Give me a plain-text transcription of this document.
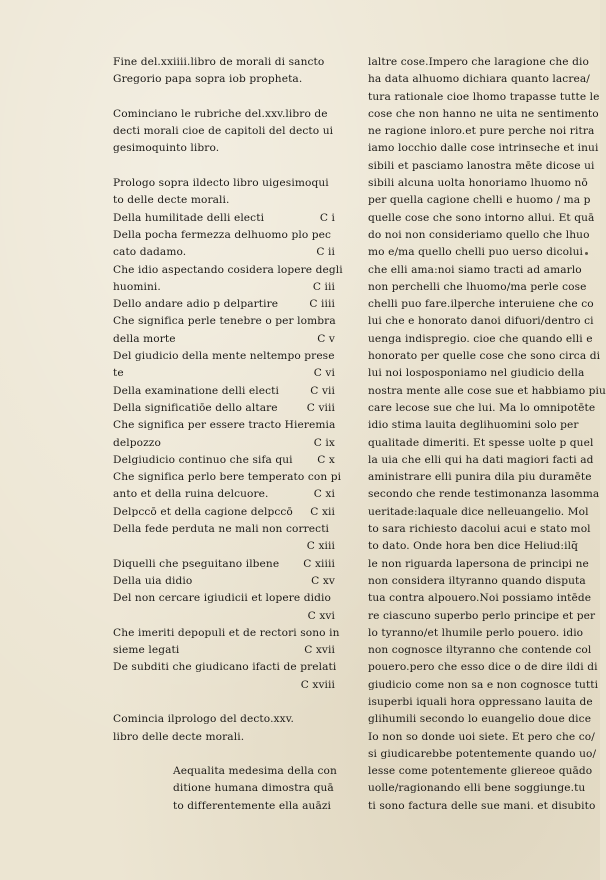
Fine del.xxiiii.libro de morali di sancto
Gregorio papa sopra iob propheta.
Cominciano le rubriche del.xxv.libro de
decti morali cioe de capitoli del decto ui
gesimoquinto libro.
Prologo sopra ildecto libro uigesimoqui
to delle decte morali.
Della humilitade delli electi	C i
Della pocha fermezza delhuomo plo pec
cato dadamo.	C ii
Che idio aspectando cosidera lopere degli
huomini.	C iii
Dello andare adio p delpartire	C iiii
Che significa perle tenebre o per lombra
della morte	C v
Del giudicio della mente neltempo prese
te	C vi
Della examinatione delli electi	C vii
Della significatiōe dello altare	C viii
Che significa per essere tracto Hieremia
delpozzo	C ix
Delgiudicio continuo che sifa qui C x
Che significa perlo bere temperato con pi
anto et della ruina delcuore.	C xi
Delpccō et della cagione delpccō C xii
Della fede perduta ne mali non correcti
C xiii
Diquelli che pseguitano ilbene C xiiii
Della uia didio	C xv
Del non cercare igiudicii et lopere didio
C xvi
Che imeriti depopuli et de rectori sono in
sieme legati	C xvii
De subditi che giudicano ifacti de prelati
C xviii
Comincia ilprologo del decto.xxv.
libro delle decte morali.
Aequalita medesima della con
ditione humana dimostra quā
to differentemente ella auāzi
laltre cose.Impero che laragione che dio
ha data alhuomo dichiara quanto lacrea/
tura rationale cioe lhomo trapasse tutte le
cose che non hanno ne uita ne sentimento
ne ragione inloro.et pure perche noi ritra
iamo locchio dalle cose intrinseche et inui
sibili et pasciamo lanostra mēte dicose ui
sibili alcuna uolta honoriamo lhuomo nō
per quella cagione chelli e huomo / ma p
quelle cose che sono intorno allui. Et quā
do noi non consideriamo quello che lhuo
mo e/ma quello chelli puo uerso dicolui
che elli ama:noi siamo tracti ad amarlo
non perchelli che lhuomo/ma perle cose
chelli puo fare.ilperche interuiene che co
lui che e honorato danoi difuori/dentro ci
uenga indispregio. cioe che quando elli e
honorato per quelle cose che sono circa di
lui noi losposponiamo nel giudicio della
nostra mente alle cose sue et habbiamo piu
care lecose sue che lui. Ma lo omnipotēte
idio stima lauita deglihuomini solo per
qualitade dimeriti. Et spesse uolte p quel
la uia che elli qui ha dati magiori facti ad
aministrare elli punira dila piu duramēte
secondo che rende testimonanza lasomma
ueritade:laquale dice nelleuangelio. Mol
to sara richiesto dacolui acui e stato mol
to dato. Onde hora ben dice Heliud:ilq̄
le non riguarda lapersona de principi ne
non considera iltyranno quando disputa
tua contra alpouero.Noi possiamo intēde
re ciascuno superbo perlo principe et per
lo tyranno/et lhumile perlo pouero. idio
non cognosce iltyranno che contende col
pouero.pero che esso dice o de dire ildi di
giudicio come non sa e non cognosce tutti
isuperbi iquali hora oppressano lauita de
glihumili secondo lo euangelio doue dice
Io non so donde uoi siete. Et pero che co/
si giudicarebbe potentemente quando uo/
lesse come potentemente gliereoe quādo
uolle/ragionando elli bene soggiunge.tu
ti sono factura delle sue mani. et disubito
